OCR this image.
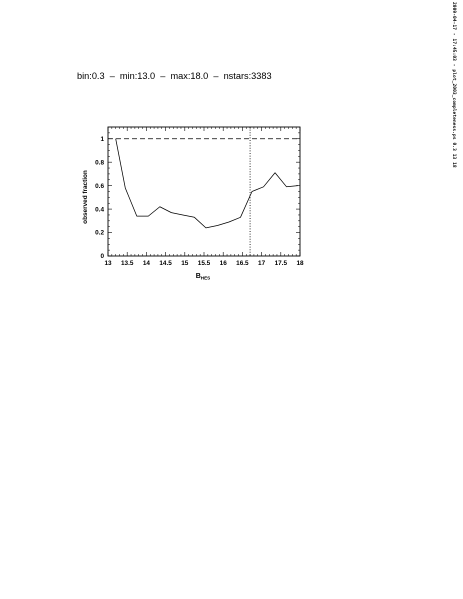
2009-04-17 - 17:45:03 - plot_2003_completeness.ps 0.3 13 18
bin:0.3  –  min:13.0  –  max:18.0  –  nstars:3383
13 13.5 14 14.5 15 15.5 16 16.5 17 17.5 18
0
0.2
0.4
0.6
0.8
1
observed fraction
$B_{HES}$
